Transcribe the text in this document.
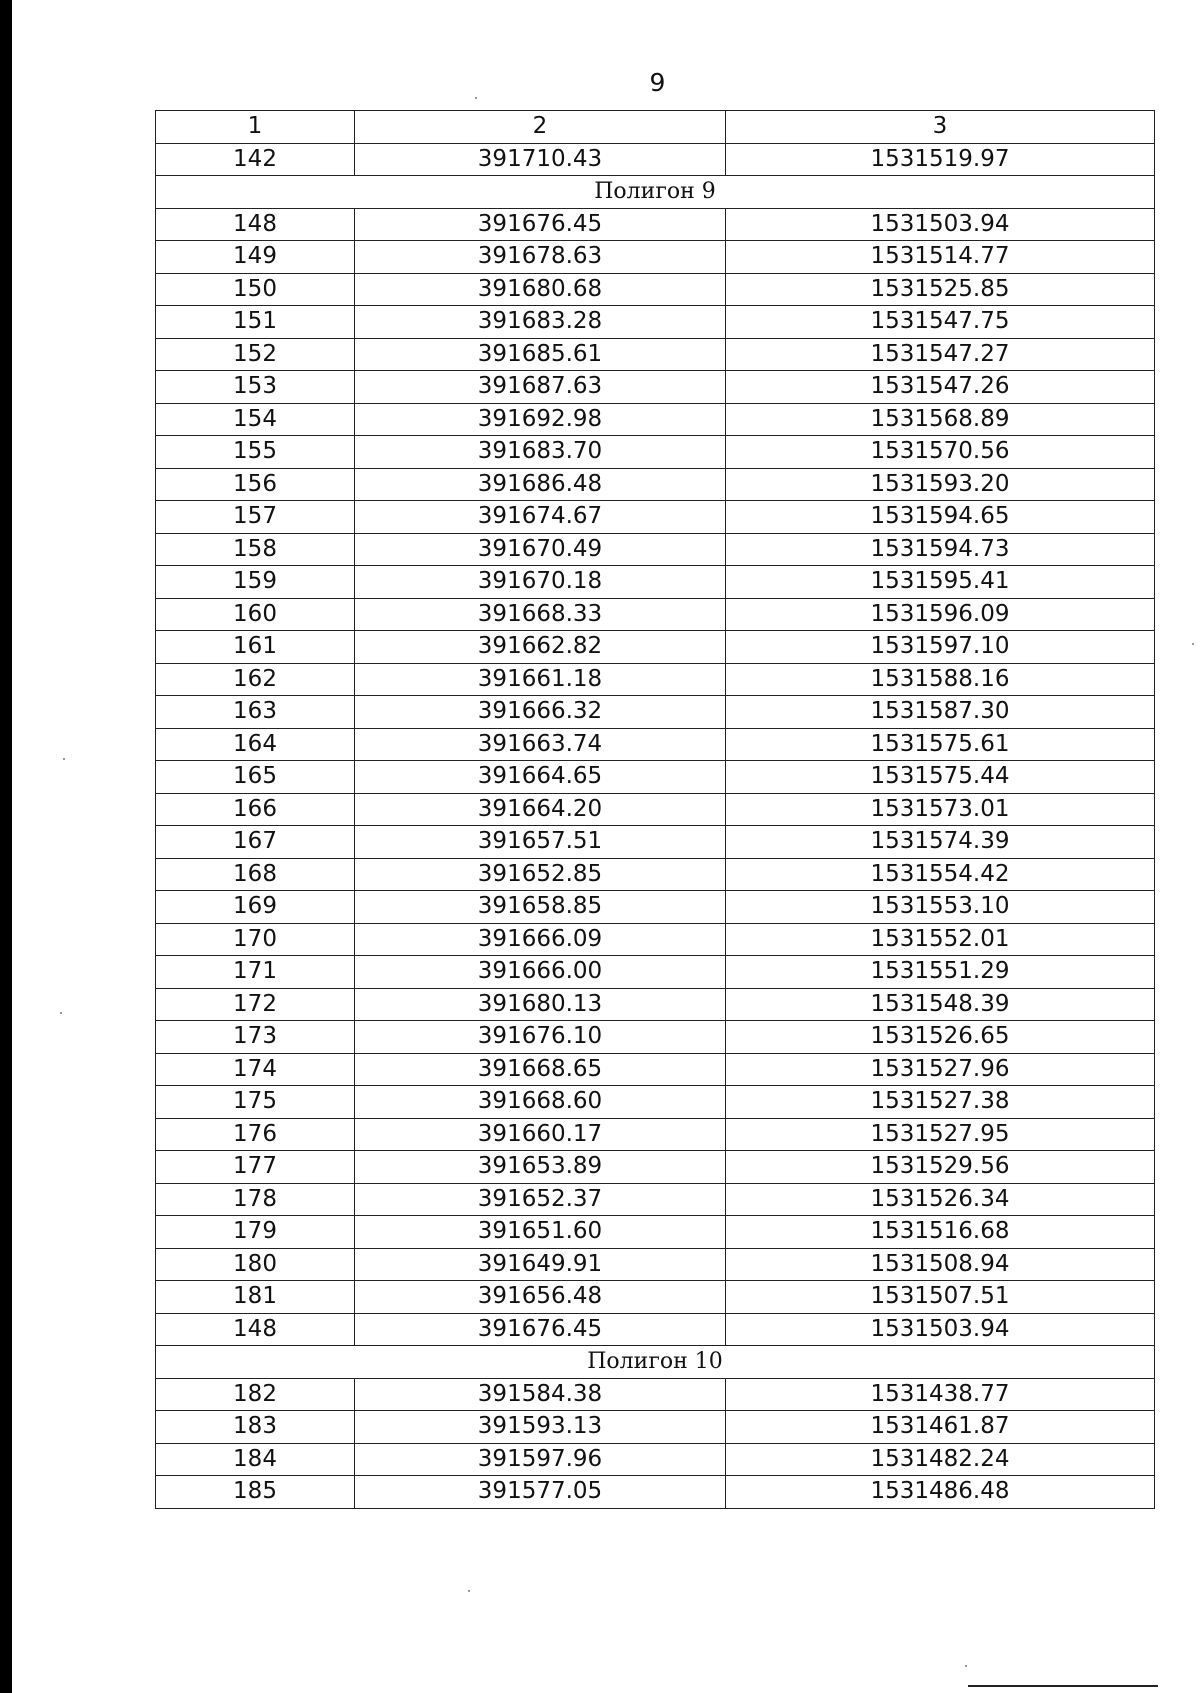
9
1	2	3
142	391710.43	1531519.97
Полигон 9		
148	391676.45	1531503.94
149	391678.63	1531514.77
150	391680.68	1531525.85
151	391683.28	1531547.75
152	391685.61	1531547.27
153	391687.63	1531547.26
154	391692.98	1531568.89
155	391683.70	1531570.56
156	391686.48	1531593.20
157	391674.67	1531594.65
158	391670.49	1531594.73
159	391670.18	1531595.41
160	391668.33	1531596.09
161	391662.82	1531597.10
162	391661.18	1531588.16
163	391666.32	1531587.30
164	391663.74	1531575.61
165	391664.65	1531575.44
166	391664.20	1531573.01
167	391657.51	1531574.39
168	391652.85	1531554.42
169	391658.85	1531553.10
170	391666.09	1531552.01
171	391666.00	1531551.29
172	391680.13	1531548.39
173	391676.10	1531526.65
174	391668.65	1531527.96
175	391668.60	1531527.38
176	391660.17	1531527.95
177	391653.89	1531529.56
178	391652.37	1531526.34
179	391651.60	1531516.68
180	391649.91	1531508.94
181	391656.48	1531507.51
148	391676.45	1531503.94
Полигон 10		
182	391584.38	1531438.77
183	391593.13	1531461.87
184	391597.96	1531482.24
185	391577.05	1531486.48
